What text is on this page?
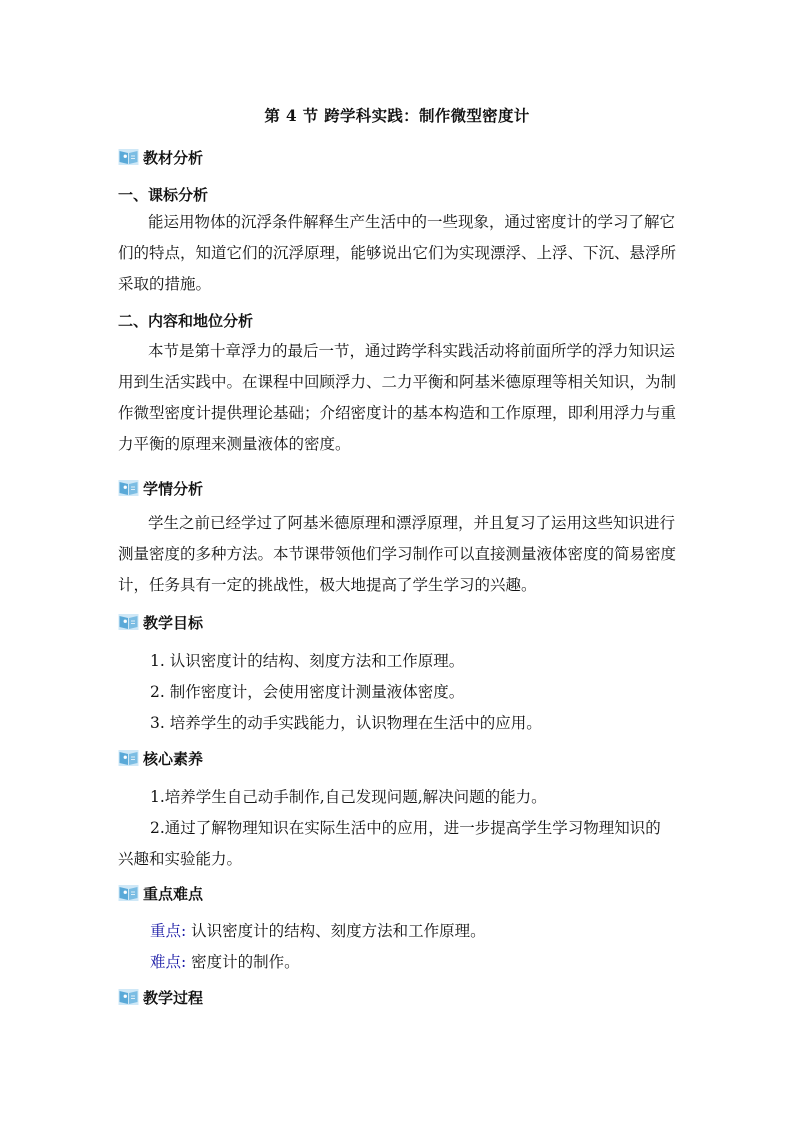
第 4 节 跨学科实践：制作微型密度计
教材分析
一、课标分析
能运用物体的沉浮条件解释生产生活中的一些现象，通过密度计的学习了解它们的特点，知道它们的沉浮原理，能够说出它们为实现漂浮、上浮、下沉、悬浮所采取的措施。
二、内容和地位分析
本节是第十章浮力的最后一节，通过跨学科实践活动将前面所学的浮力知识运用到生活实践中。在课程中回顾浮力、二力平衡和阿基米德原理等相关知识，为制作微型密度计提供理论基础；介绍密度计的基本构造和工作原理，即利用浮力与重力平衡的原理来测量液体的密度。
学情分析
学生之前已经学过了阿基米德原理和漂浮原理，并且复习了运用这些知识进行测量密度的多种方法。本节课带领他们学习制作可以直接测量液体密度的简易密度计，任务具有一定的挑战性，极大地提高了学生学习的兴趣。
教学目标
1. 认识密度计的结构、刻度方法和工作原理。
2. 制作密度计，会使用密度计测量液体密度。
3. 培养学生的动手实践能力，认识物理在生活中的应用。
核心素养
1.培养学生自己动手制作,自己发现问题,解决问题的能力。
2.通过了解物理知识在实际生活中的应用，进一步提高学生学习物理知识的
兴趣和实验能力。
重点难点
重点: 认识密度计的结构、刻度方法和工作原理。
难点: 密度计的制作。
教学过程
